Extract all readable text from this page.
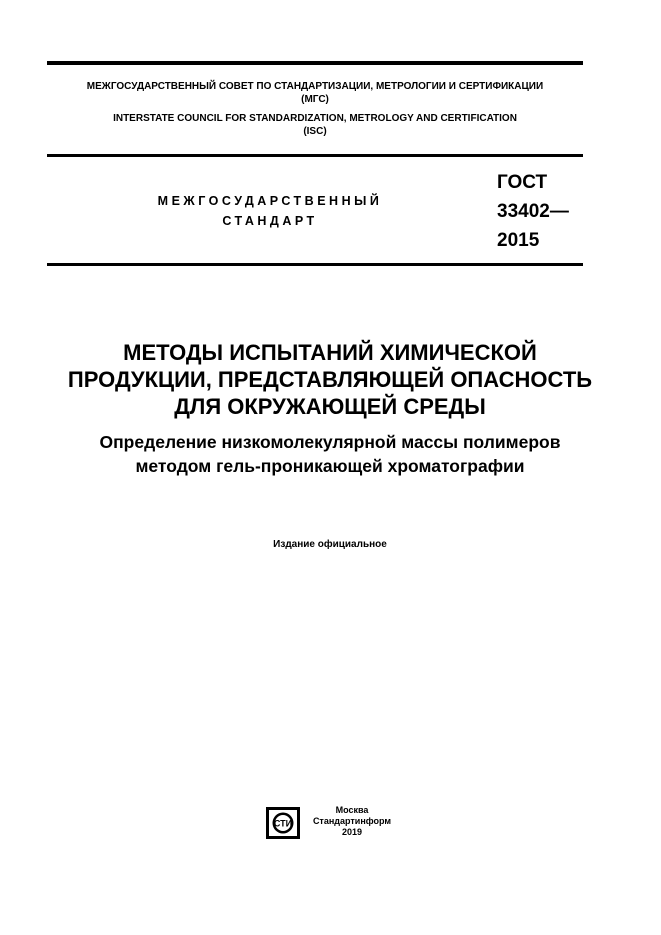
МЕЖГОСУДАРСТВЕННЫЙ СОВЕТ ПО СТАНДАРТИЗАЦИИ, МЕТРОЛОГИИ И СЕРТИФИКАЦИИ
(МГС)
INTERSTATE COUNCIL FOR STANDARDIZATION, METROLOGY AND CERTIFICATION
(ISC)
МЕЖГОСУДАРСТВЕННЫЙ
СТАНДАРТ
ГОСТ
33402—
2015
МЕТОДЫ ИСПЫТАНИЙ ХИМИЧЕСКОЙ
ПРОДУКЦИИ, ПРЕДСТАВЛЯЮЩЕЙ ОПАСНОСТЬ
ДЛЯ ОКРУЖАЮЩЕЙ СРЕДЫ
Определение низкомолекулярной массы полимеров
методом гель-проникающей хроматографии
Издание официальное
СТИ
Москва
Стандартинформ
2019
